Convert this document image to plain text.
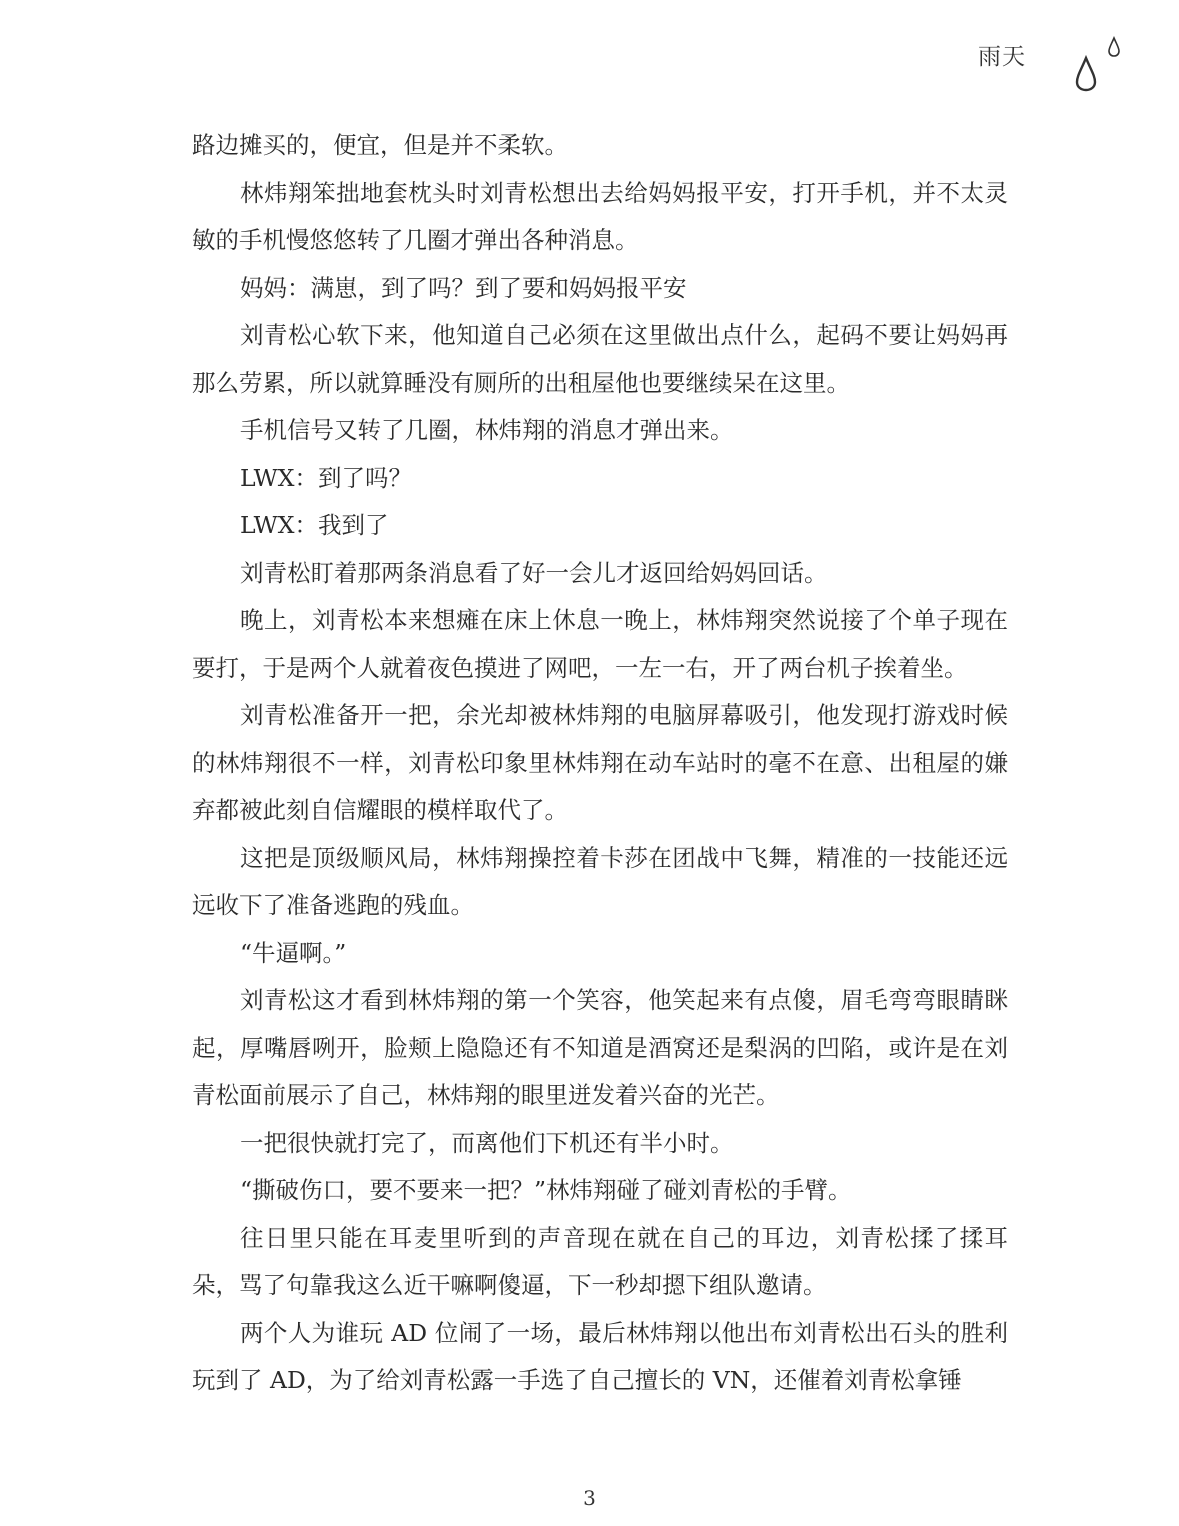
雨天

路边摊买的，便宜，但是并不柔软。

林炜翔笨拙地套枕头时刘青松想出去给妈妈报平安，打开手机，并不太灵敏的手机慢悠悠转了几圈才弹出各种消息。

妈妈：满崽，到了吗？到了要和妈妈报平安

刘青松心软下来，他知道自己必须在这里做出点什么，起码不要让妈妈再那么劳累，所以就算睡没有厕所的出租屋他也要继续呆在这里。

手机信号又转了几圈，林炜翔的消息才弹出来。

LWX：到了吗？

LWX：我到了

刘青松盯着那两条消息看了好一会儿才返回给妈妈回话。

晚上，刘青松本来想瘫在床上休息一晚上，林炜翔突然说接了个单子现在要打，于是两个人就着夜色摸进了网吧，一左一右，开了两台机子挨着坐。

刘青松准备开一把，余光却被林炜翔的电脑屏幕吸引，他发现打游戏时候的林炜翔很不一样，刘青松印象里林炜翔在动车站时的毫不在意、出租屋的嫌弃都被此刻自信耀眼的模样取代了。

这把是顶级顺风局，林炜翔操控着卡莎在团战中飞舞，精准的一技能还远远收下了准备逃跑的残血。

“牛逼啊。”

刘青松这才看到林炜翔的第一个笑容，他笑起来有点傻，眉毛弯弯眼睛眯起，厚嘴唇咧开，脸颊上隐隐还有不知道是酒窝还是梨涡的凹陷，或许是在刘青松面前展示了自己，林炜翔的眼里迸发着兴奋的光芒。

一把很快就打完了，而离他们下机还有半小时。

“撕破伤口，要不要来一把？”林炜翔碰了碰刘青松的手臂。

往日里只能在耳麦里听到的声音现在就在自己的耳边，刘青松揉了揉耳朵，骂了句靠我这么近干嘛啊傻逼，下一秒却摁下组队邀请。

两个人为谁玩 AD 位闹了一场，最后林炜翔以他出布刘青松出石头的胜利玩到了 AD，为了给刘青松露一手选了自己擅长的 VN，还催着刘青松拿锤

3
